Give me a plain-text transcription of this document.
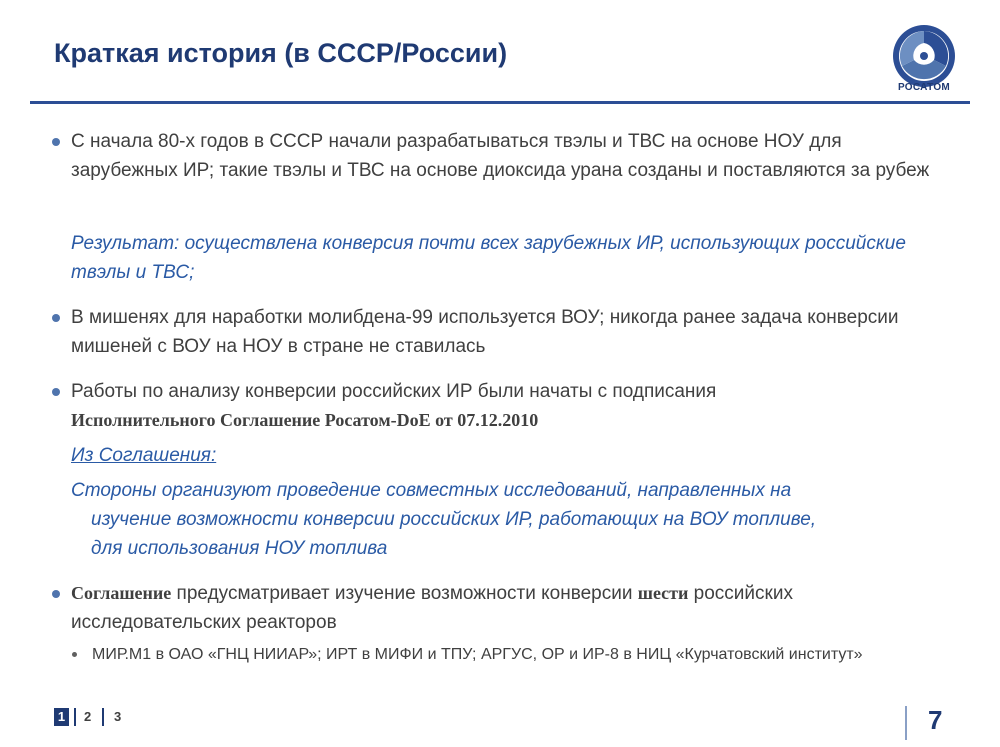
Краткая история (в СССР/России)
РОСАТОМ
С начала 80-х годов в СССР начали разрабатываться твэлы и ТВС на основе НОУ для зарубежных ИР; такие твэлы и ТВС на основе диоксида урана созданы и поставляются за рубеж
Результат: осуществлена конверсия почти всех зарубежных ИР, использующих российские твэлы и ТВС;
В мишенях для наработки молибдена-99 используется ВОУ; никогда ранее задача конверсии мишеней с ВОУ на НОУ в стране не ставилась
Работы по анализу конверсии российских ИР были начаты с подписания
Исполнительного Соглашение Росатом-DoE от 07.12.2010
Из Соглашения:
Стороны организуют проведение совместных исследований, направленных на
изучение возможности конверсии российских ИР, работающих на ВОУ топливе,
для использования НОУ топлива
Соглашение предусматривает изучение возможности конверсии шести российских исследовательских реакторов
МИР.М1 в ОАО «ГНЦ НИИАР»; ИРТ в МИФИ и ТПУ; АРГУС, ОР и ИР-8 в НИЦ «Курчатовский институт»
1 2 3	7
